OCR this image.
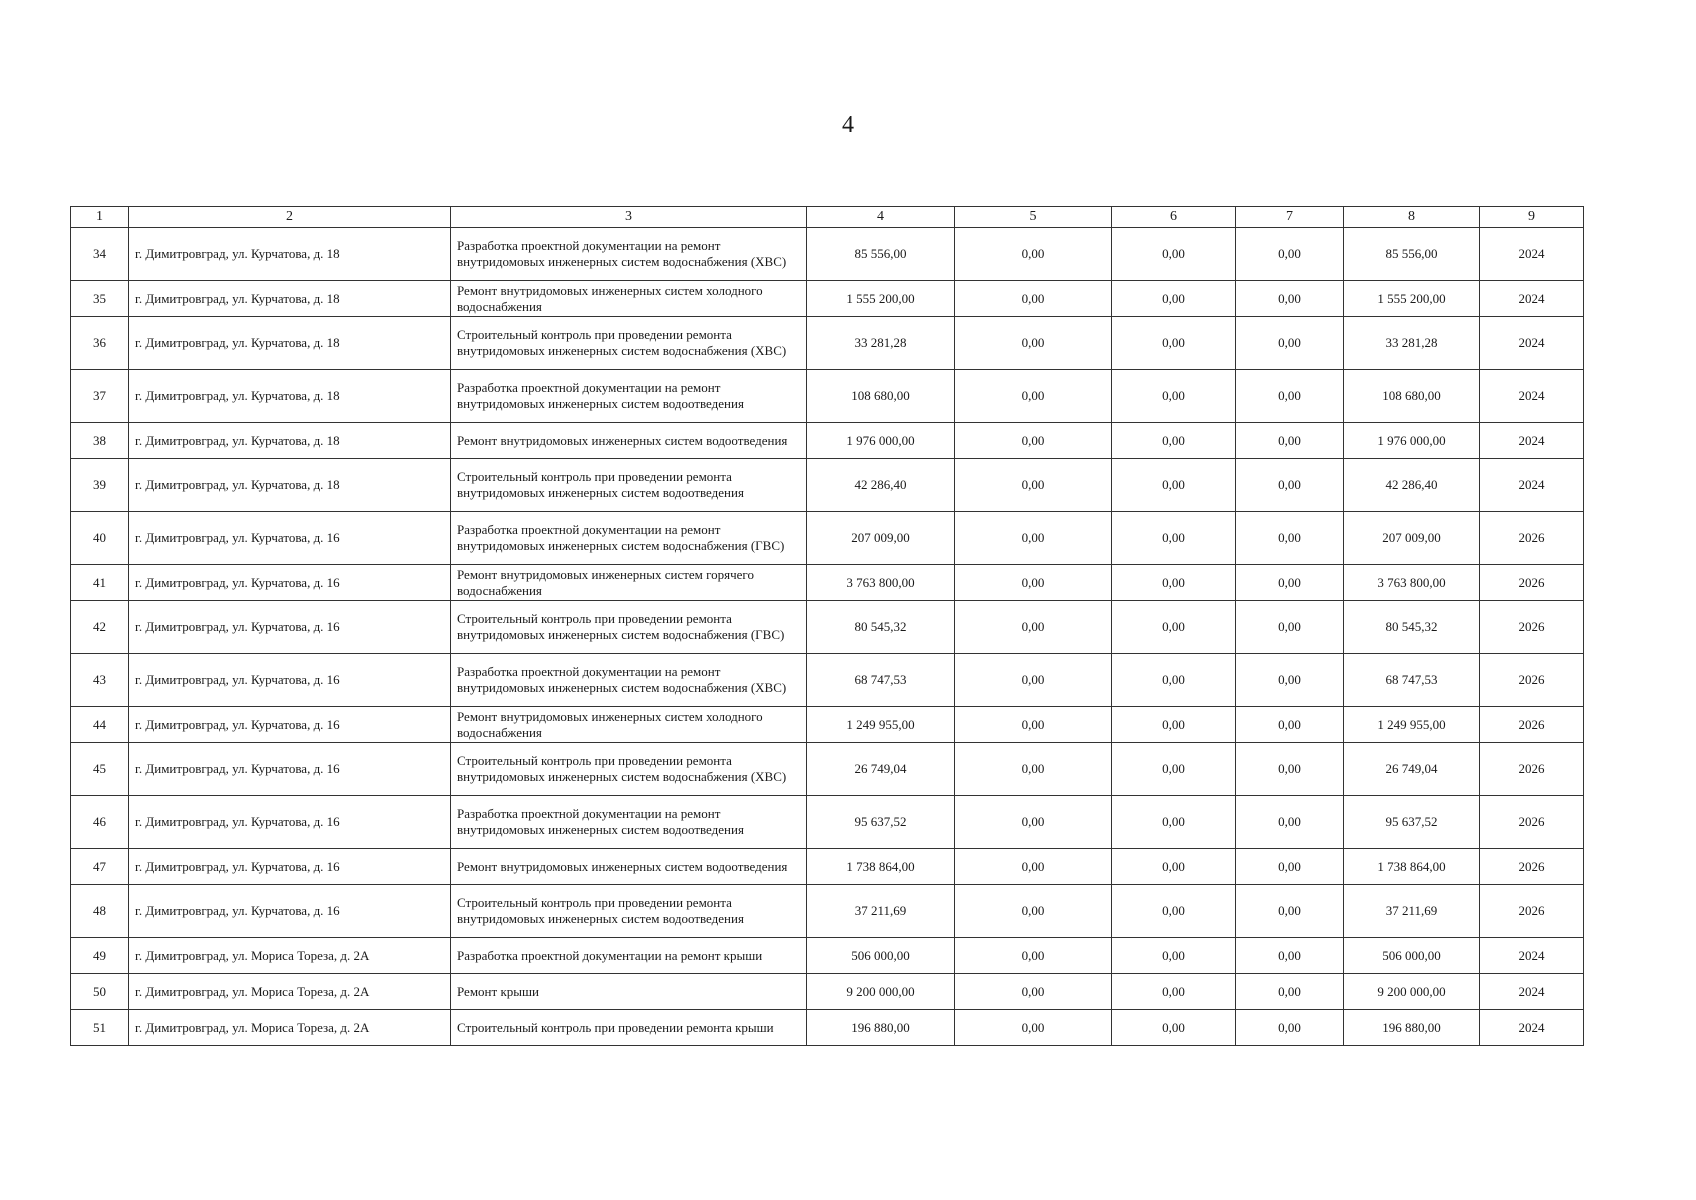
4
1	2	3	4	5	6	7	8	9
34	г. Димитровград, ул. Курчатова, д. 18	Разработка проектной документации на ремонт внутридомовых инженерных систем водоснабжения (ХВС)	85 556,00	0,00	0,00	0,00	85 556,00	2024
35	г. Димитровград, ул. Курчатова, д. 18	Ремонт внутридомовых инженерных систем холодного водоснабжения	1 555 200,00	0,00	0,00	0,00	1 555 200,00	2024
36	г. Димитровград, ул. Курчатова, д. 18	Строительный контроль при проведении ремонта внутридомовых инженерных систем водоснабжения (ХВС)	33 281,28	0,00	0,00	0,00	33 281,28	2024
37	г. Димитровград, ул. Курчатова, д. 18	Разработка проектной документации на ремонт внутридомовых инженерных систем водоотведения	108 680,00	0,00	0,00	0,00	108 680,00	2024
38	г. Димитровград, ул. Курчатова, д. 18	Ремонт внутридомовых инженерных систем водоотведения	1 976 000,00	0,00	0,00	0,00	1 976 000,00	2024
39	г. Димитровград, ул. Курчатова, д. 18	Строительный контроль при проведении ремонта внутридомовых инженерных систем водоотведения	42 286,40	0,00	0,00	0,00	42 286,40	2024
40	г. Димитровград, ул. Курчатова, д. 16	Разработка проектной документации на ремонт внутридомовых инженерных систем водоснабжения (ГВС)	207 009,00	0,00	0,00	0,00	207 009,00	2026
41	г. Димитровград, ул. Курчатова, д. 16	Ремонт внутридомовых инженерных систем горячего водоснабжения	3 763 800,00	0,00	0,00	0,00	3 763 800,00	2026
42	г. Димитровград, ул. Курчатова, д. 16	Строительный контроль при проведении ремонта внутридомовых инженерных систем водоснабжения (ГВС)	80 545,32	0,00	0,00	0,00	80 545,32	2026
43	г. Димитровград, ул. Курчатова, д. 16	Разработка проектной документации на ремонт внутридомовых инженерных систем водоснабжения (ХВС)	68 747,53	0,00	0,00	0,00	68 747,53	2026
44	г. Димитровград, ул. Курчатова, д. 16	Ремонт внутридомовых инженерных систем холодного водоснабжения	1 249 955,00	0,00	0,00	0,00	1 249 955,00	2026
45	г. Димитровград, ул. Курчатова, д. 16	Строительный контроль при проведении ремонта внутридомовых инженерных систем водоснабжения (ХВС)	26 749,04	0,00	0,00	0,00	26 749,04	2026
46	г. Димитровград, ул. Курчатова, д. 16	Разработка проектной документации на ремонт внутридомовых инженерных систем водоотведения	95 637,52	0,00	0,00	0,00	95 637,52	2026
47	г. Димитровград, ул. Курчатова, д. 16	Ремонт внутридомовых инженерных систем водоотведения	1 738 864,00	0,00	0,00	0,00	1 738 864,00	2026
48	г. Димитровград, ул. Курчатова, д. 16	Строительный контроль при проведении ремонта внутридомовых инженерных систем водоотведения	37 211,69	0,00	0,00	0,00	37 211,69	2026
49	г. Димитровград, ул. Мориса Тореза, д. 2А	Разработка проектной документации на ремонт крыши	506 000,00	0,00	0,00	0,00	506 000,00	2024
50	г. Димитровград, ул. Мориса Тореза, д. 2А	Ремонт крыши	9 200 000,00	0,00	0,00	0,00	9 200 000,00	2024
51	г. Димитровград, ул. Мориса Тореза, д. 2А	Строительный контроль при проведении ремонта крыши	196 880,00	0,00	0,00	0,00	196 880,00	2024
